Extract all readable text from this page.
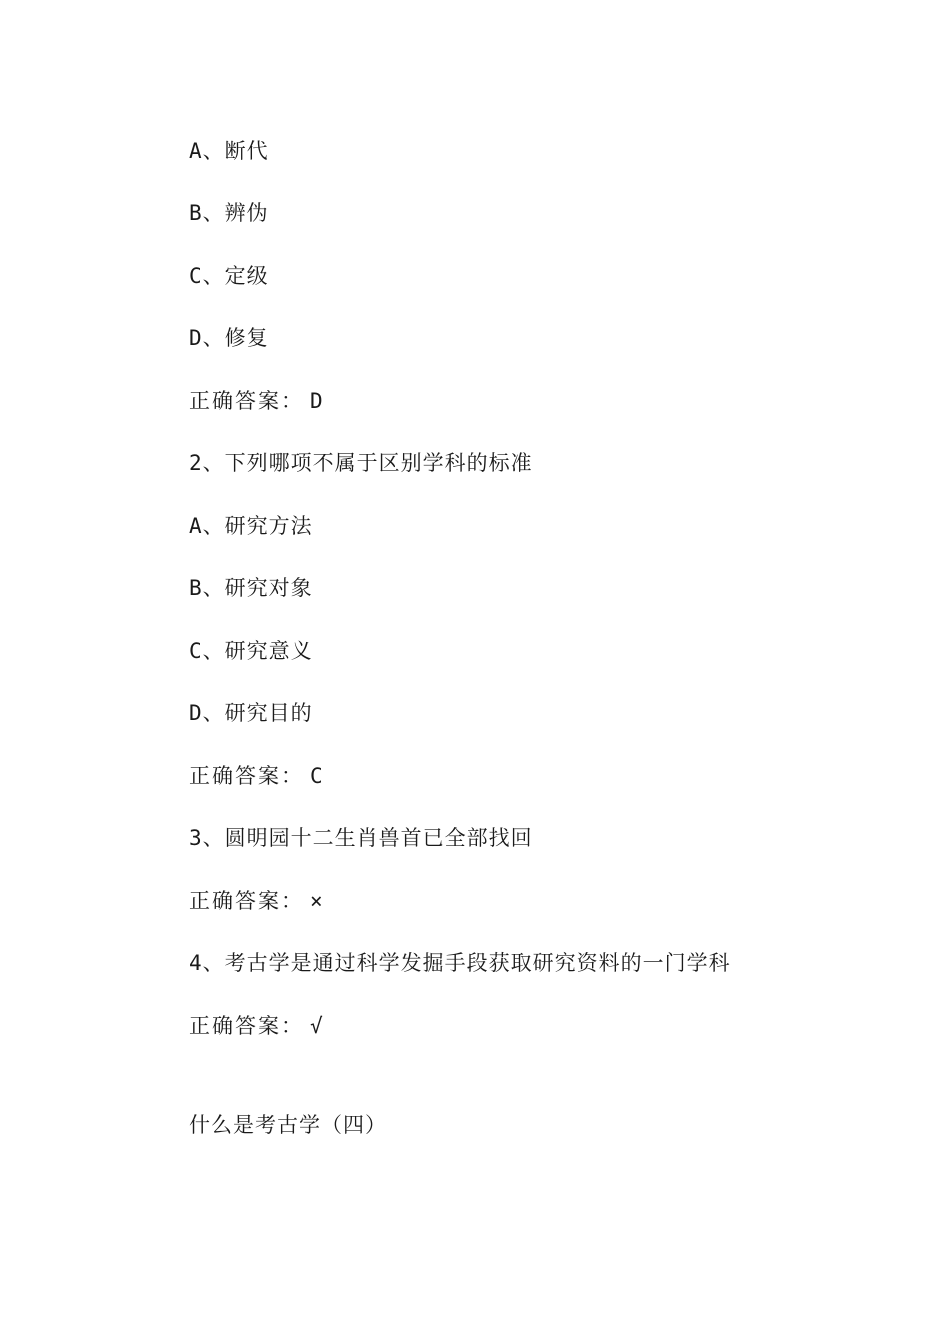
A、断代
B、辨伪
C、定级
D、修复
正确答案： D
2、下列哪项不属于区别学科的标准
A、研究方法
B、研究对象
C、研究意义
D、研究目的
正确答案： C
3、圆明园十二生肖兽首已全部找回
正确答案： ×
4、考古学是通过科学发掘手段获取研究资料的一门学科
正确答案： √
什么是考古学（四）
